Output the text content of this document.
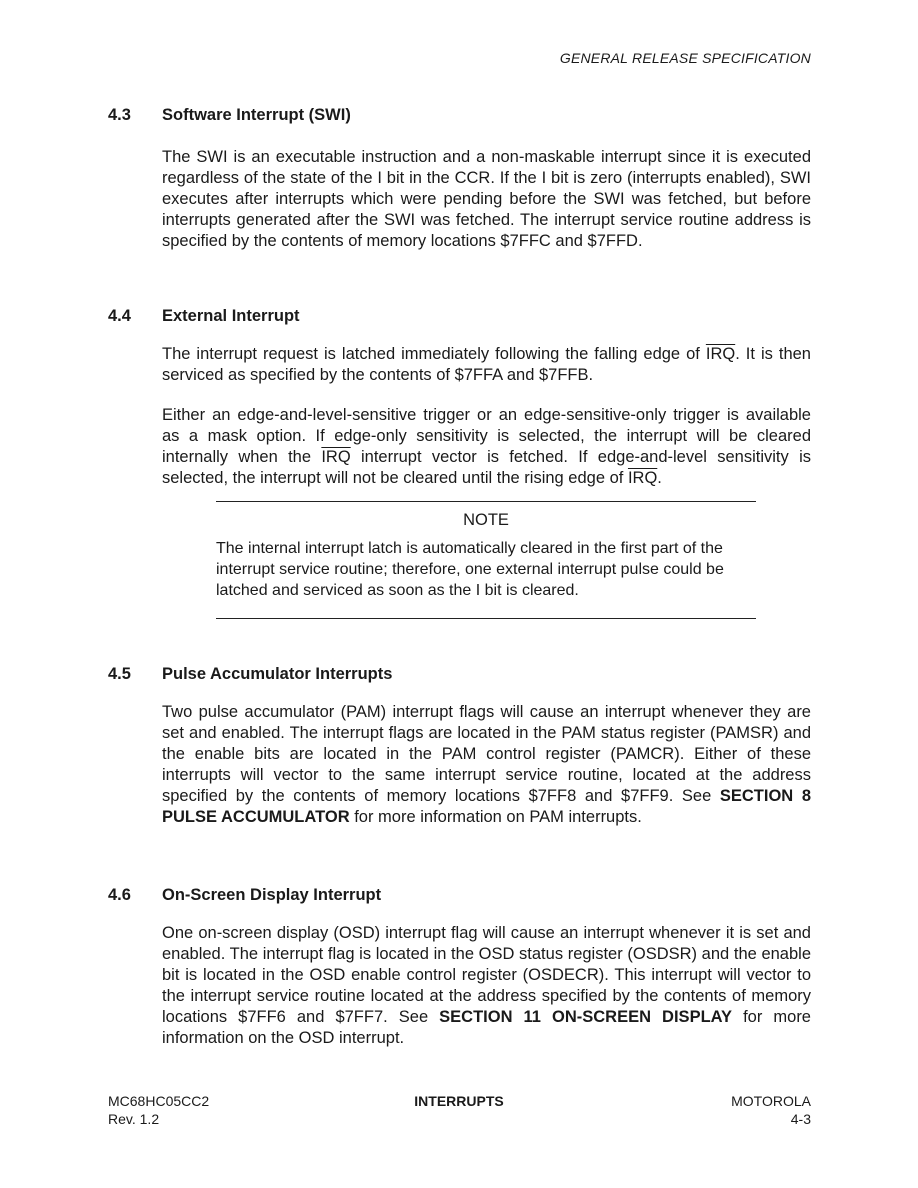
GENERAL RELEASE SPECIFICATION
4.3	Software Interrupt (SWI)

The SWI is an executable instruction and a non-maskable interrupt since it is executed regardless of the state of the I bit in the CCR. If the I bit is zero (interrupts enabled), SWI executes after interrupts which were pending before the SWI was fetched, but before interrupts generated after the SWI was fetched. The interrupt service routine address is specified by the contents of memory locations $7FFC and $7FFD.

4.4	External Interrupt

The interrupt request is latched immediately following the falling edge of $\overline{IRQ}$. It is then serviced as specified by the contents of $7FFA and $7FFB.

Either an edge-and-level-sensitive trigger or an edge-sensitive-only trigger is available as a mask option. If edge-only sensitivity is selected, the interrupt will be cleared internally when the $\overline{IRQ}$ interrupt vector is fetched. If edge-and-level sensitivity is selected, the interrupt will not be cleared until the rising edge of $\overline{IRQ}$.

NOTE
The internal interrupt latch is automatically cleared in the first part of the interrupt service routine; therefore, one external interrupt pulse could be latched and serviced as soon as the I bit is cleared.
4.5	Pulse Accumulator Interrupts

Two pulse accumulator (PAM) interrupt flags will cause an interrupt whenever they are set and enabled. The interrupt flags are located in the PAM status register (PAMSR) and the enable bits are located in the PAM control register (PAMCR). Either of these interrupts will vector to the same interrupt service routine, located at the address specified by the contents of memory locations $7FF8 and $7FF9. See SECTION 8 PULSE ACCUMULATOR for more information on PAM interrupts.

4.6	On-Screen Display Interrupt

One on-screen display (OSD) interrupt flag will cause an interrupt whenever it is set and enabled. The interrupt flag is located in the OSD status register (OSDSR) and the enable bit is located in the OSD enable control register (OSDECR). This interrupt will vector to the interrupt service routine located at the address specified by the contents of memory locations $7FF6 and $7FF7. See SECTION 11 ON-SCREEN DISPLAY for more information on the OSD interrupt.

MC68HC05CC2
Rev. 1.2
INTERRUPTS	MOTOROLA
4-3
